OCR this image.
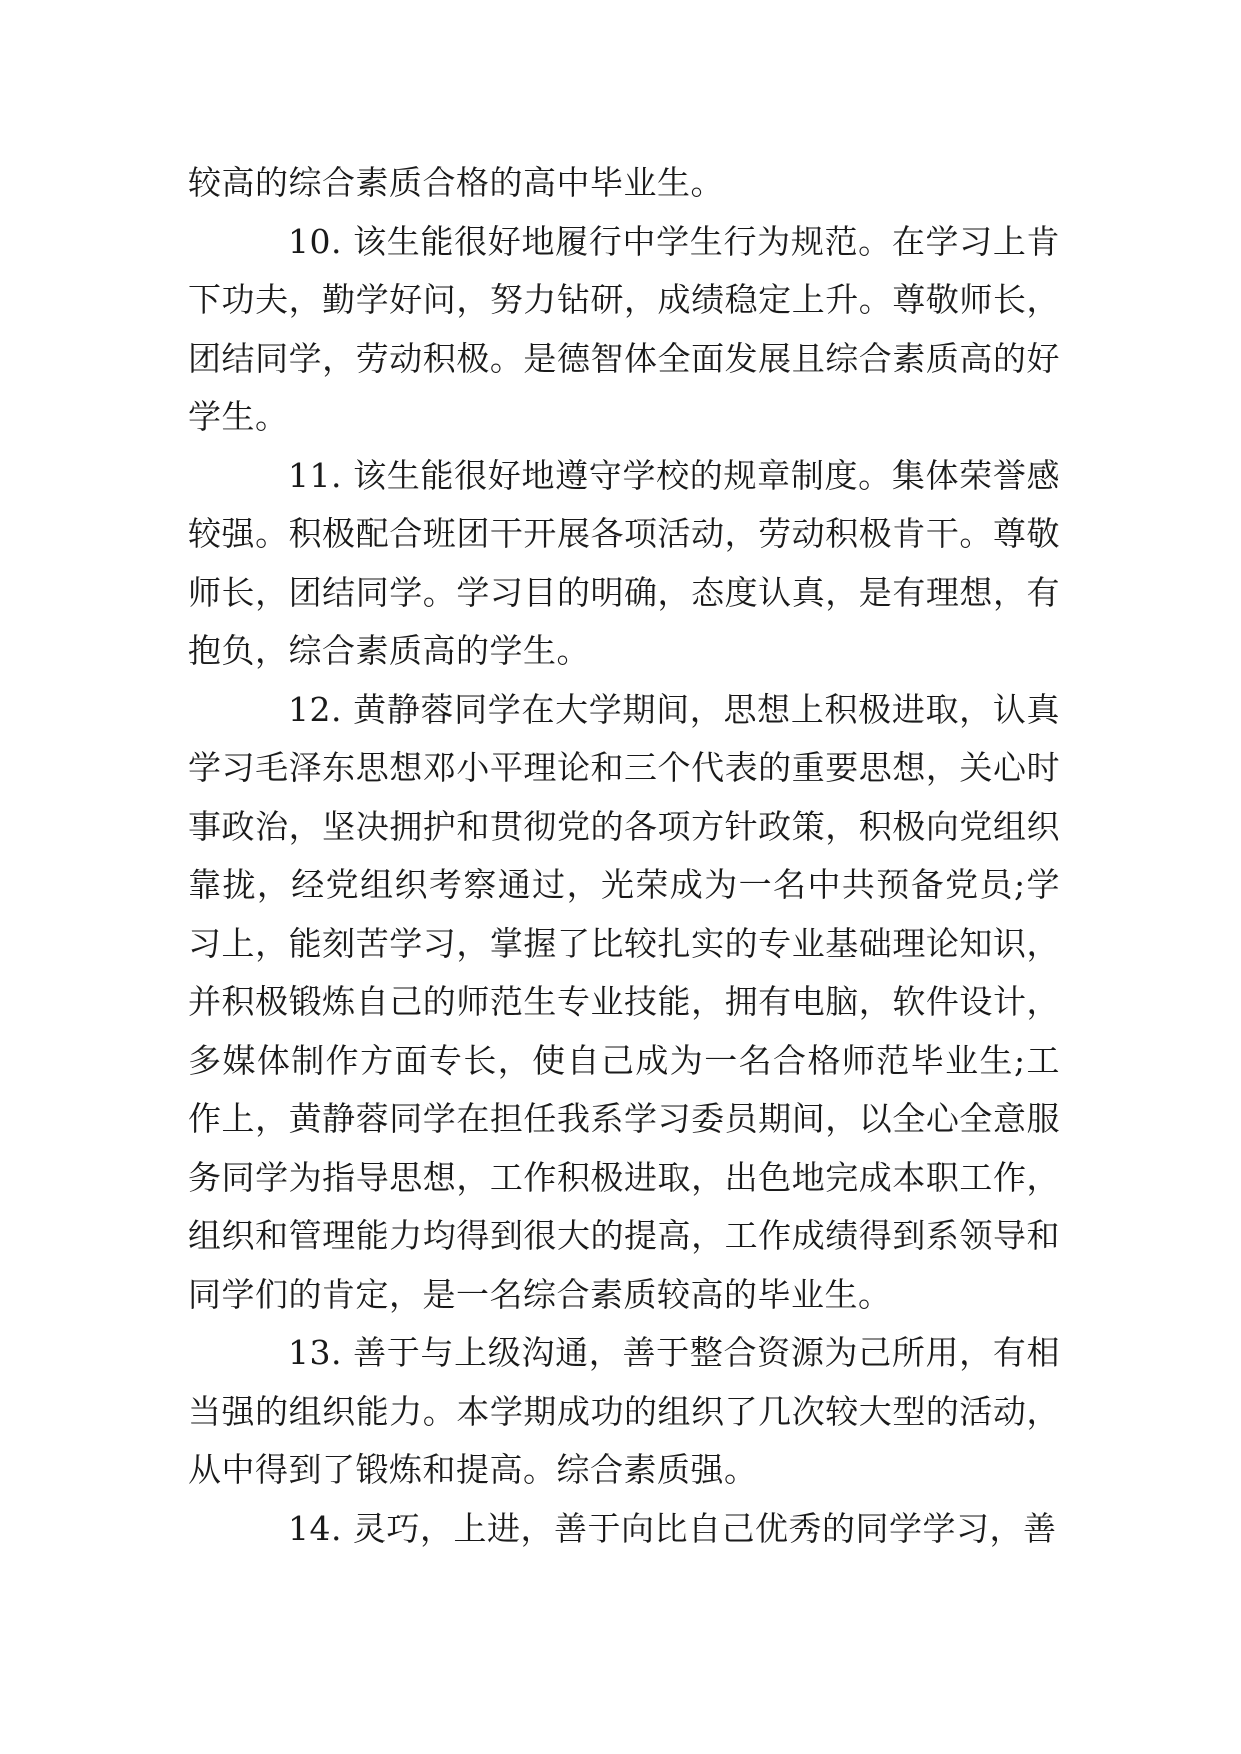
较高的综合素质合格的高中毕业生。

10. 该生能很好地履行中学生行为规范。在学习上肯下功夫，勤学好问，努力钻研，成绩稳定上升。尊敬师长，团结同学，劳动积极。是德智体全面发展且综合素质高的好学生。

11. 该生能很好地遵守学校的规章制度。集体荣誉感较强。积极配合班团干开展各项活动，劳动积极肯干。尊敬师长，团结同学。学习目的明确，态度认真，是有理想，有抱负，综合素质高的学生。

12. 黄静蓉同学在大学期间，思想上积极进取，认真学习毛泽东思想邓小平理论和三个代表的重要思想，关心时事政治，坚决拥护和贯彻党的各项方针政策，积极向党组织靠拢，经党组织考察通过，光荣成为一名中共预备党员;学习上，能刻苦学习，掌握了比较扎实的专业基础理论知识，并积极锻炼自己的师范生专业技能，拥有电脑，软件设计，多媒体制作方面专长，使自己成为一名合格师范毕业生;工作上，黄静蓉同学在担任我系学习委员期间，以全心全意服务同学为指导思想，工作积极进取，出色地完成本职工作，组织和管理能力均得到很大的提高，工作成绩得到系领导和同学们的肯定，是一名综合素质较高的毕业生。

13. 善于与上级沟通，善于整合资源为己所用，有相当强的组织能力。本学期成功的组织了几次较大型的活动，从中得到了锻炼和提高。综合素质强。

14. 灵巧，上进，善于向比自己优秀的同学学习，善
